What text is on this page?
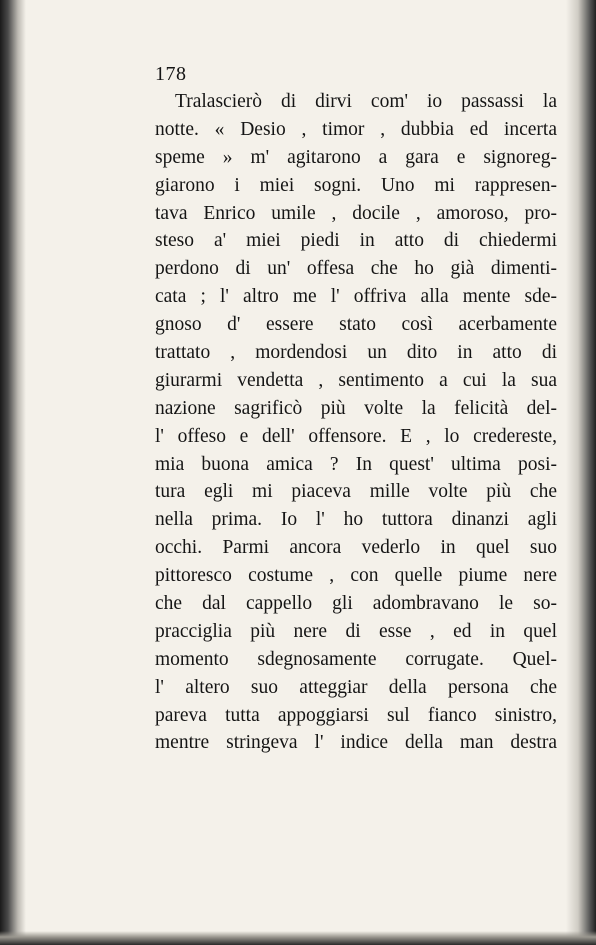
178
Tralascierò di dirvi com' io passassi la
notte. « Desio , timor , dubbia ed incerta
speme » m' agitarono a gara e signoreg-
giarono i miei sogni. Uno mi rappresen-
tava Enrico umile , docile , amoroso, pro-
steso a' miei piedi in atto di chiedermi
perdono di un' offesa che ho già dimenti-
cata ; l' altro me l' offriva alla mente sde-
gnoso d' essere stato così acerbamente
trattato , mordendosi un dito in atto di
giurarmi vendetta , sentimento a cui la sua
nazione sagrificò più volte la felicità del-
l' offeso e dell' offensore. E , lo credereste,
mia buona amica ? In quest' ultima posi-
tura egli mi piaceva mille volte più che
nella prima. Io l' ho tuttora dinanzi agli
occhi. Parmi ancora vederlo in quel suo
pittoresco costume , con quelle piume nere
che dal cappello gli adombravano le so-
pracciglia più nere di esse , ed in quel
momento sdegnosamente corrugate. Quel-
l' altero suo atteggiar della persona che
pareva tutta appoggiarsi sul fianco sinistro,
mentre stringeva l' indice della man destra
